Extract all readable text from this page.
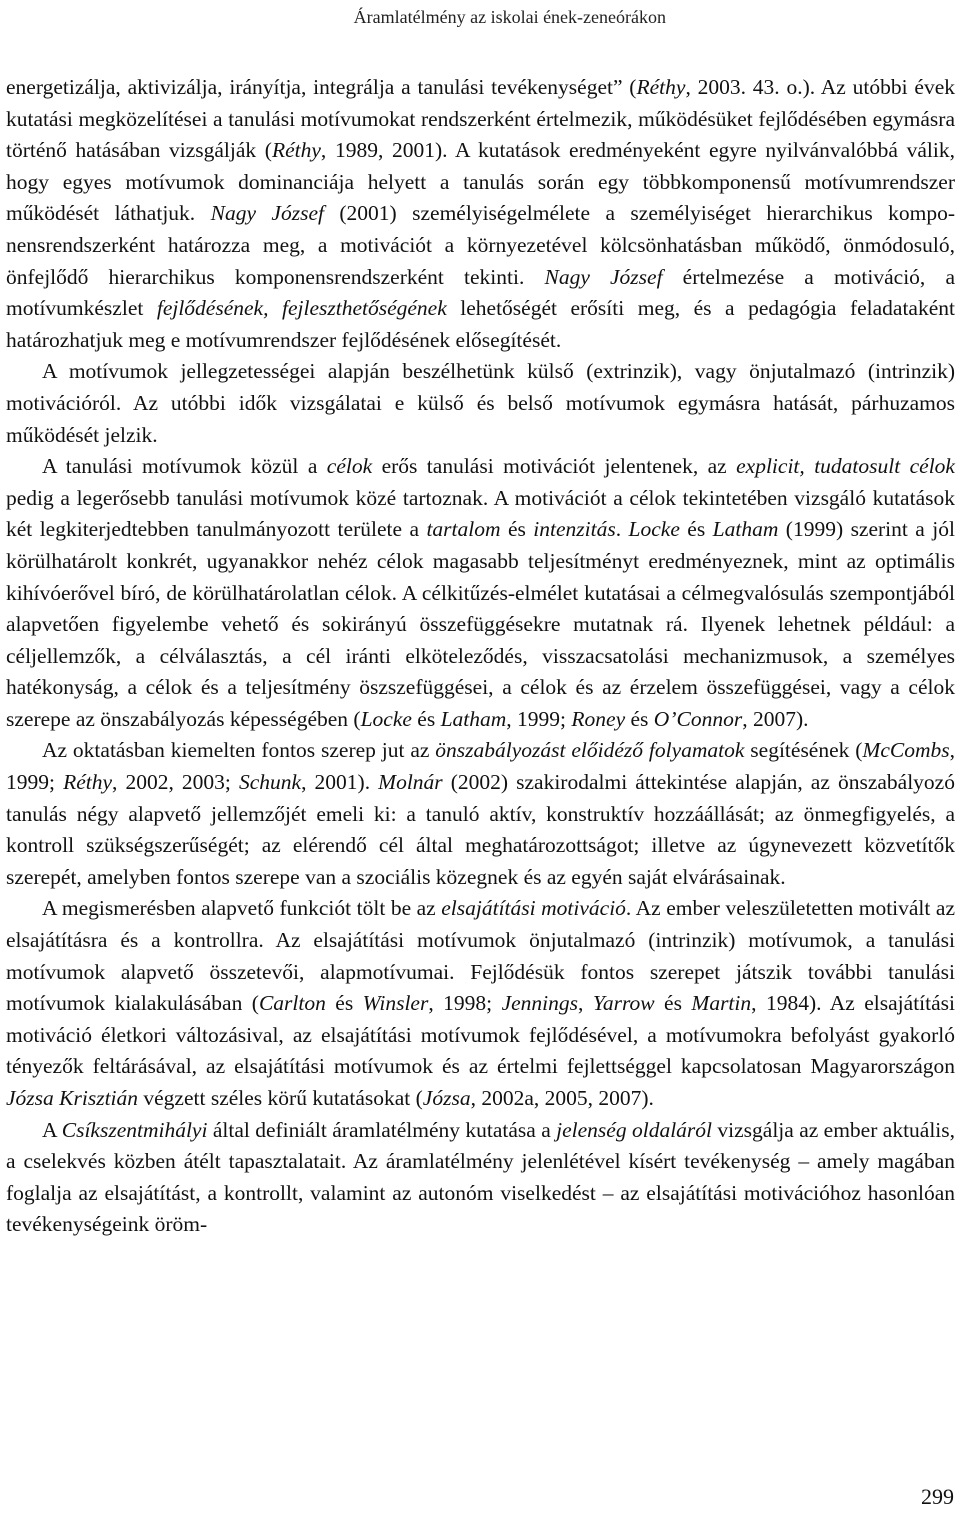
Áramlatélmény az iskolai ének-zeneórákon

energetizálja, aktivizálja, irányítja, integrálja a tanulási tevékenységet” (Réthy, 2003. 43. o.). Az utóbbi évek kutatási megközelítései a tanulási motívumokat rendszerként értelmezik, működésüket fejlődésében egymásra történő hatásában vizsgálják (Réthy, 1989, 2001). A kutatások eredményeként egyre nyilvánvalóbbá válik, hogy egyes motívumok dominanciája helyett a tanulás során egy többkomponensű motívumrendszer működését láthatjuk. Nagy József (2001) személyiségelmélete a személyiséget hierarchikus komponensrendszerként határozza meg, a motivációt a környezetével kölcsönhatásban működő, önmódosuló, önfejlődő hierarchikus komponensrendszerként tekinti. Nagy József értelmezése a motiváció, a motívumkészlet fejlődésének, fejleszthetőségének lehetőségét erősíti meg, és a pedagógia feladataként határozhatjuk meg e motívumrendszer fejlődésének elősegítését.

A motívumok jellegzetességei alapján beszélhetünk külső (extrinzik), vagy önjutalmazó (intrinzik) motivációról. Az utóbbi idők vizsgálatai e külső és belső motívumok egymásra hatását, párhuzamos működését jelzik.

A tanulási motívumok közül a célok erős tanulási motivációt jelentenek, az explicit, tudatosult célok pedig a legerősebb tanulási motívumok közé tartoznak. A motivációt a célok tekintetében vizsgáló kutatások két legkiterjedtebben tanulmányozott területe a tartalom és intenzitás. Locke és Latham (1999) szerint a jól körülhatárolt konkrét, ugyanakkor nehéz célok magasabb teljesítményt eredményeznek, mint az optimális kihívóerővel bíró, de körülhatárolatlan célok. A célkitűzés-elmélet kutatásai a célmegvalósulás szempontjából alapvetően figyelembe vehető és sokirányú összefüggésekre mutatnak rá. Ilyenek lehetnek például: a céljellemzők, a célválasztás, a cél iránti elköteleződés, visszacsatolási mechanizmusok, a személyes hatékonyság, a célok és a teljesítmény öszszefüggései, a célok és az érzelem összefüggései, vagy a célok szerepe az önszabályozás képességében (Locke és Latham, 1999; Roney és O’Connor, 2007).

Az oktatásban kiemelten fontos szerep jut az önszabályozást előidéző folyamatok segítésének (McCombs, 1999; Réthy, 2002, 2003; Schunk, 2001). Molnár (2002) szakirodalmi áttekintése alapján, az önszabályozó tanulás négy alapvető jellemzőjét emeli ki: a tanuló aktív, konstruktív hozzáállását; az önmegfigyelés, a kontroll szükségszerűségét; az elérendő cél által meghatározottságot; illetve az úgynevezett közvetítők szerepét, amelyben fontos szerepe van a szociális közegnek és az egyén saját elvárásainak.

A megismerésben alapvető funkciót tölt be az elsajátítási motiváció. Az ember veleszületetten motivált az elsajátításra és a kontrollra. Az elsajátítási motívumok önjutalmazó (intrinzik) motívumok, a tanulási motívumok alapvető összetevői, alapmotívumai. Fejlődésük fontos szerepet játszik további tanulási motívumok kialakulásában (Carlton és Winsler, 1998; Jennings, Yarrow és Martin, 1984). Az elsajátítási motiváció életkori változásival, az elsajátítási motívumok fejlődésével, a motívumokra befolyást gyakorló tényezők feltárásával, az elsajátítási motívumok és az értelmi fejlettséggel kapcsolatosan Magyarországon Józsa Krisztián végzett széles körű kutatásokat (Józsa, 2002a, 2005, 2007).

A Csíkszentmihályi által definiált áramlatélmény kutatása a jelenség oldaláról vizsgálja az ember aktuális, a cselekvés közben átélt tapasztalatait. Az áramlatélmény jelenlétével kísért tevékenység – amely magában foglalja az elsajátítást, a kontrollt, valamint az autonóm viselkedést – az elsajátítási motivációhoz hasonlóan tevékenységeink öröm-

299
